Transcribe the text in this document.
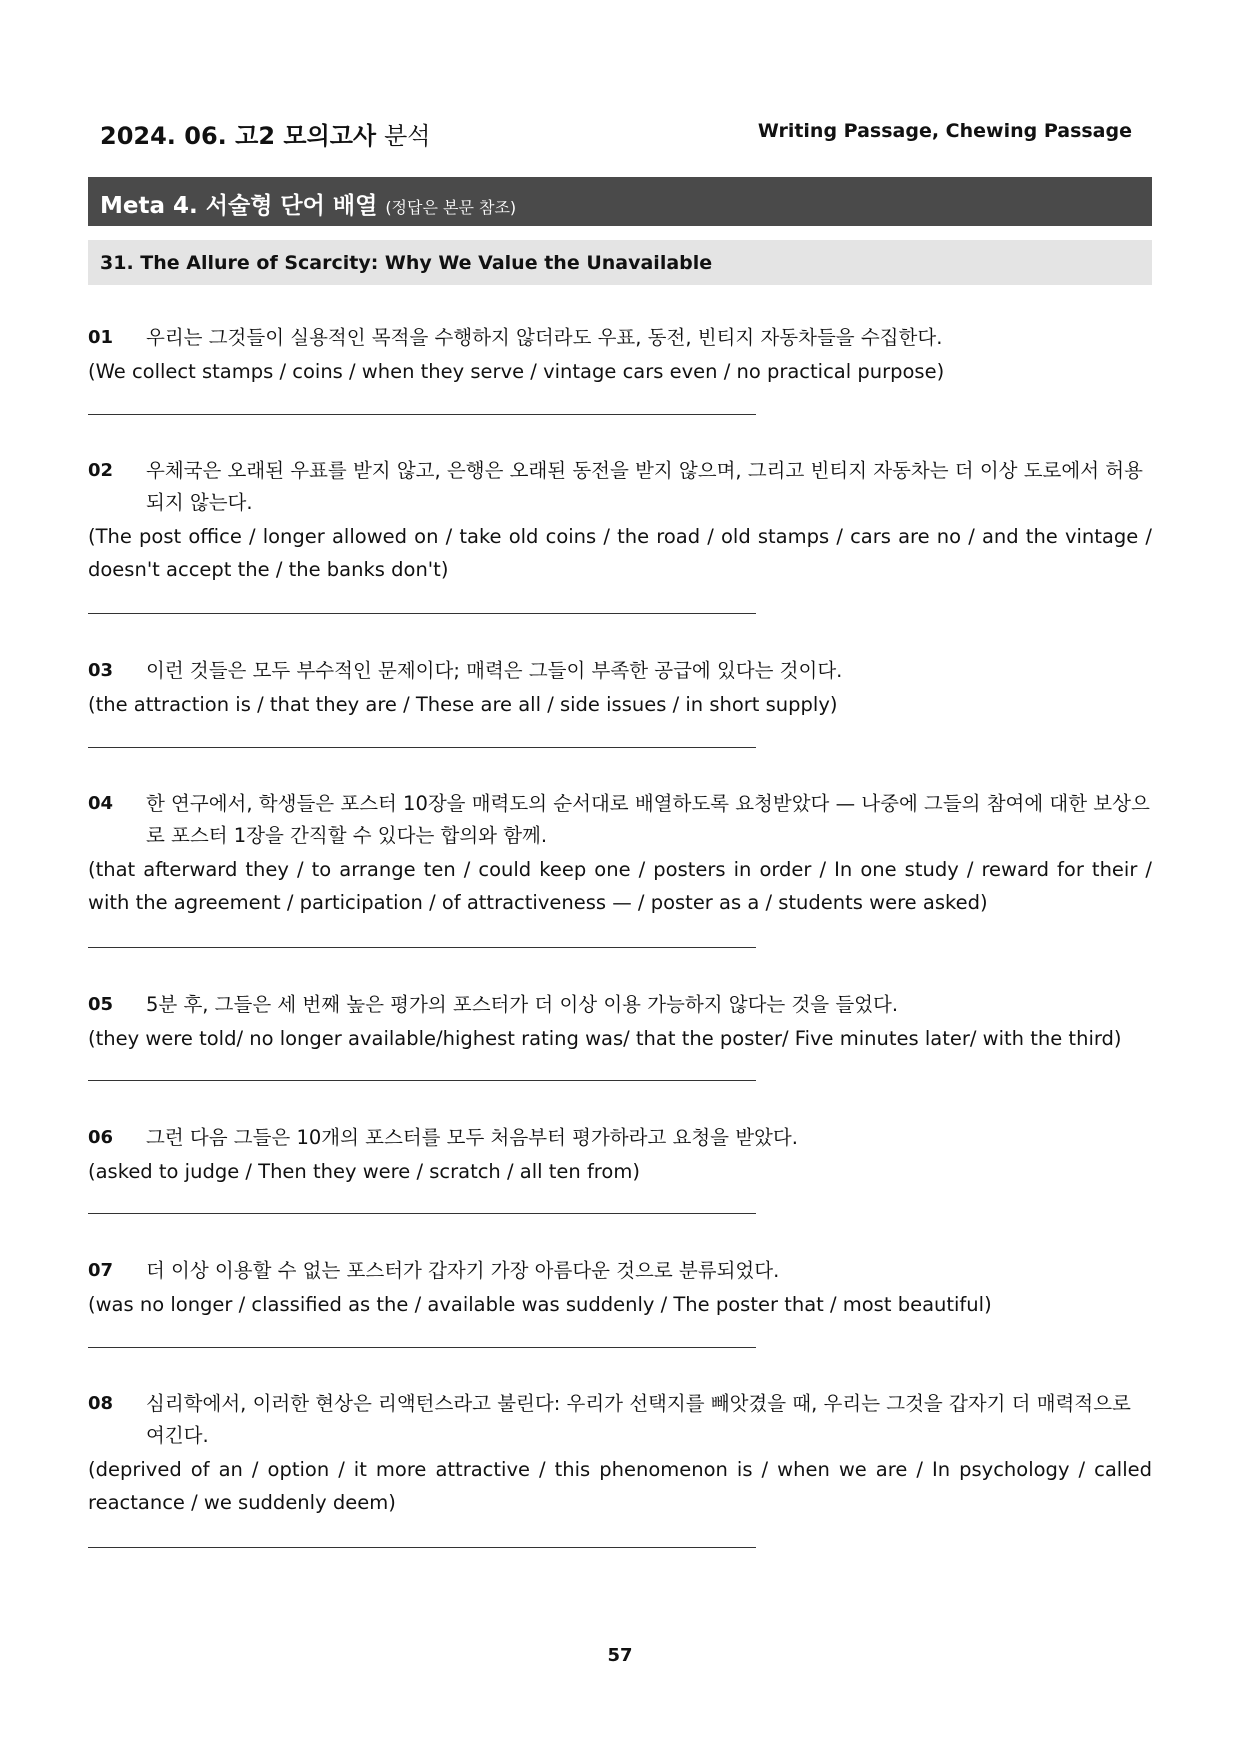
2024. 06. 고2 모의고사 분석	Writing Passage, Chewing Passage
Meta 4. 서술형 단어 배열 (정답은 본문 참조)
31. The Allure of Scarcity: Why We Value the Unavailable
01 우리는 그것들이 실용적인 목적을 수행하지 않더라도 우표, 동전, 빈티지 자동차들을 수집한다.
(We collect stamps / coins / when they serve / vintage cars even / no practical purpose)
02 우체국은 오래된 우표를 받지 않고, 은행은 오래된 동전을 받지 않으며, 그리고 빈티지 자동차는 더 이상 도로에서 허용되지 않는다.
(The post office / longer allowed on / take old coins / the road / old stamps / cars are no / and the vintage / doesn't accept the / the banks don't)
03 이런 것들은 모두 부수적인 문제이다; 매력은 그들이 부족한 공급에 있다는 것이다.
(the attraction is / that they are / These are all / side issues / in short supply)
04 한 연구에서, 학생들은 포스터 10장을 매력도의 순서대로 배열하도록 요청받았다 — 나중에 그들의 참여에 대한 보상으로 포스터 1장을 간직할 수 있다는 합의와 함께.
(that afterward they / to arrange ten / could keep one / posters in order / In one study / reward for their / with the agreement / participation / of attractiveness — / poster as a / students were asked)
05 5분 후, 그들은 세 번째 높은 평가의 포스터가 더 이상 이용 가능하지 않다는 것을 들었다.
(they were told/ no longer available/highest rating was/ that the poster/ Five minutes later/ with the third)
06 그런 다음 그들은 10개의 포스터를 모두 처음부터 평가하라고 요청을 받았다.
(asked to judge / Then they were / scratch / all ten from)
07 더 이상 이용할 수 없는 포스터가 갑자기 가장 아름다운 것으로 분류되었다.
(was no longer / classified as the / available was suddenly / The poster that / most beautiful)
08 심리학에서, 이러한 현상은 리액턴스라고 불린다: 우리가 선택지를 빼앗겼을 때, 우리는 그것을 갑자기 더 매력적으로 여긴다.
(deprived of an / option / it more attractive / this phenomenon is / when we are / In psychology / called reactance / we suddenly deem)
57
